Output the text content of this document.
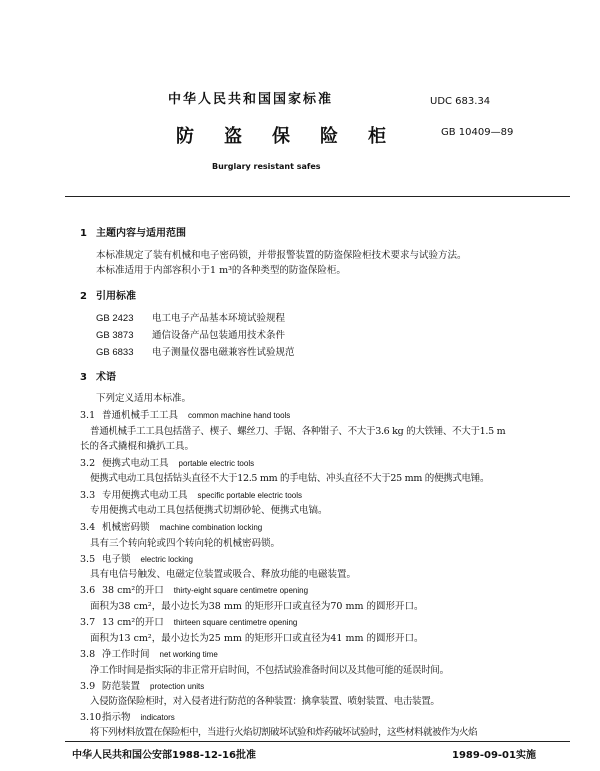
中华人民共和国国家标准	UDC 683.34
防盗保险柜	GB 10409—89
Burglary resistant safes
1 主题内容与适用范围
本标准规定了装有机械和电子密码锁，并带报警装置的防盗保险柜技术要求与试验方法。
本标准适用于内部容积小于1 m³的各种类型的防盗保险柜。
2 引用标准
GB 2423 电工电子产品基本环境试验规程
GB 3873 通信设备产品包装通用技术条件
GB 6833 电子测量仪器电磁兼容性试验规范
3 术语
下列定义适用本标准。
3.1 普通机械手工工具 common machine hand tools
普通机械手工工具包括凿子、楔子、螺丝刀、手锯、各种钳子、不大于3.6 kg 的大铁锤、不大于1.5 m
长的各式撬棍和撬扒工具。
3.2 便携式电动工具 portable electric tools
便携式电动工具包括钻头直径不大于12.5 mm 的手电钻、冲头直径不大于25 mm 的便携式电锤。
3.3 专用便携式电动工具 specific portable electric tools
专用便携式电动工具包括便携式切割砂轮、便携式电镐。
3.4 机械密码锁 machine combination locking
具有三个转向轮或四个转向轮的机械密码锁。
3.5 电子锁 electric locking
具有电信号触发、电磁定位装置或吸合、释放功能的电磁装置。
3.6 38 cm²的开口 thirty-eight square centimetre opening
面积为38 cm²，最小边长为38 mm 的矩形开口或直径为70 mm 的圆形开口。
3.7 13 cm²的开口 thirteen square centimetre opening
面积为13 cm²，最小边长为25 mm 的矩形开口或直径为41 mm 的圆形开口。
3.8 净工作时间 net working time
净工作时间是指实际的非正常开启时间，不包括试验准备时间以及其他可能的延误时间。
3.9 防范装置 protection units
入侵防盗保险柜时，对入侵者进行防范的各种装置：擒拿装置、喷射装置、电击装置。
3.10指示物 indicators
将下列材料放置在保险柜中，当进行火焰切割破坏试验和炸药破坏试验时，这些材料就被作为火焰
中华人民共和国公安部1988-12-16批准	1989-09-01实施
